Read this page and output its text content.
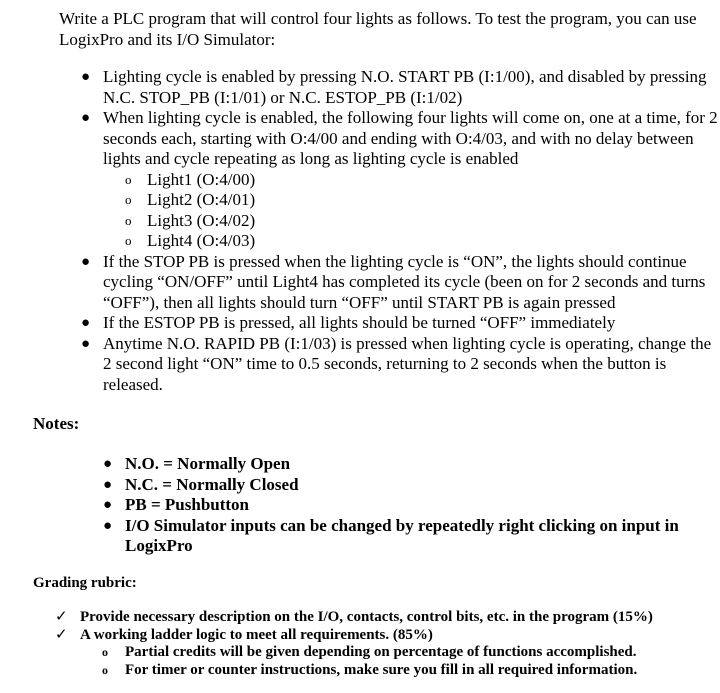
Write a PLC program that will control four lights as follows. To test the program, you can use LogixPro and its I/O Simulator:
● Lighting cycle is enabled by pressing N.O. START PB (I:1/00), and disabled by pressing N.C. STOP_PB (I:1/01) or N.C. ESTOP_PB (I:1/02)
● When lighting cycle is enabled, the following four lights will come on, one at a time, for 2 seconds each, starting with O:4/00 and ending with O:4/03, and with no delay between lights and cycle repeating as long as lighting cycle is enabled
o Light1 (O:4/00)
o Light2 (O:4/01)
o Light3 (O:4/02)
o Light4 (O:4/03)
● If the STOP PB is pressed when the lighting cycle is “ON”, the lights should continue cycling “ON/OFF” until Light4 has completed its cycle (been on for 2 seconds and turns “OFF”), then all lights should turn “OFF” until START PB is again pressed
● If the ESTOP PB is pressed, all lights should be turned “OFF” immediately
● Anytime N.O. RAPID PB (I:1/03) is pressed when lighting cycle is operating, change the 2 second light “ON” time to 0.5 seconds, returning to 2 seconds when the button is released.
Notes:
● N.O. = Normally Open
● N.C. = Normally Closed
● PB = Pushbutton
● I/O Simulator inputs can be changed by repeatedly right clicking on input in LogixPro
Grading rubric:
✓ Provide necessary description on the I/O, contacts, control bits, etc. in the program (15%)
✓ A working ladder logic to meet all requirements. (85%)
o Partial credits will be given depending on percentage of functions accomplished.
o For timer or counter instructions, make sure you fill in all required information.
